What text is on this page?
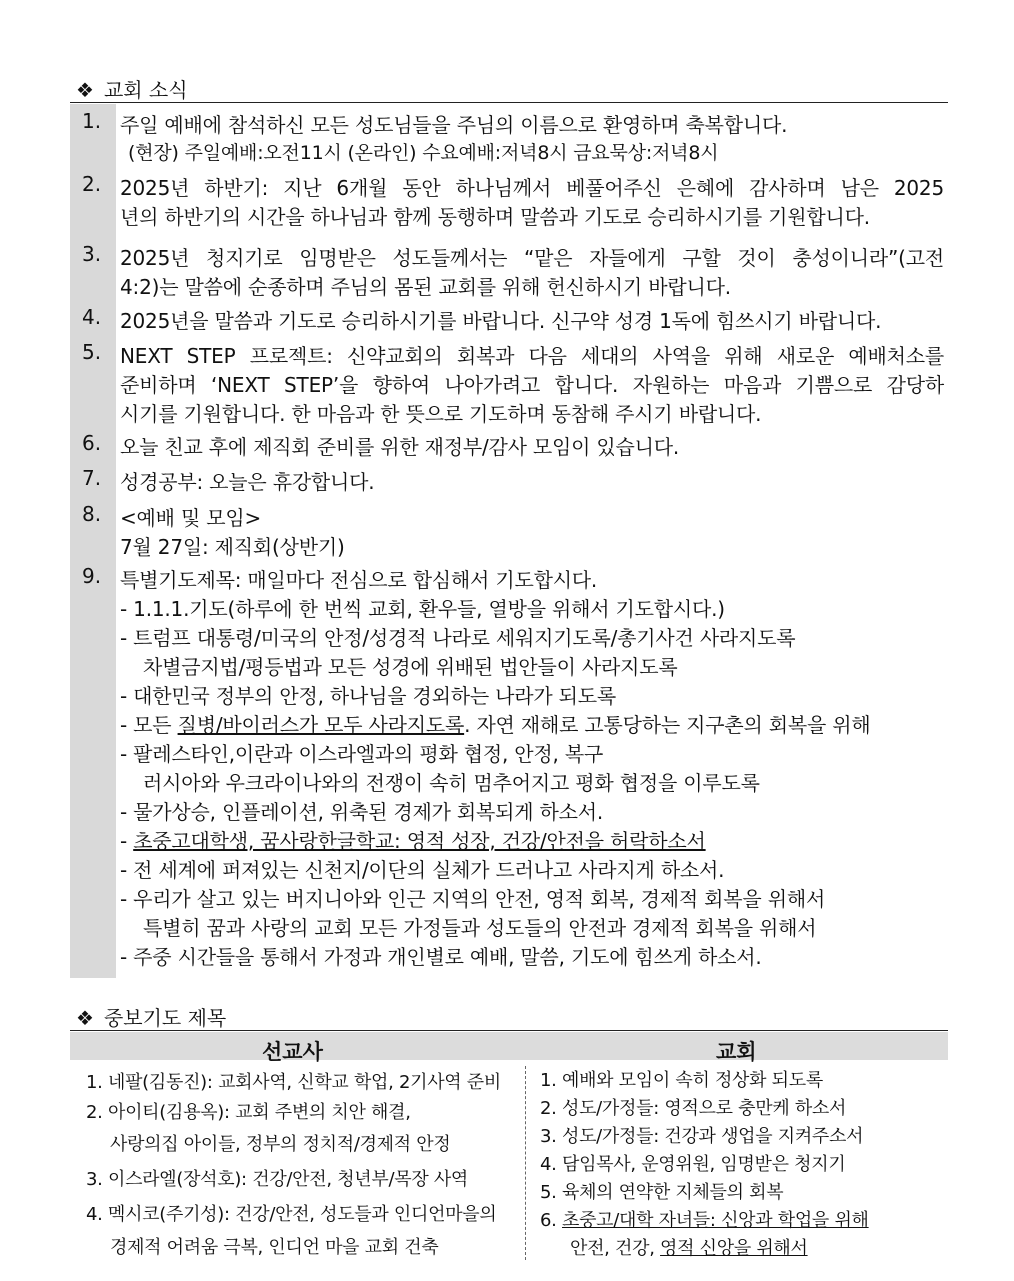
❖ 교회 소식
1.
2.
3.
4.
5.
6.
7.
8.
9.
주일 예배에 참석하신 모든 성도님들을 주님의 이름으로 환영하며 축복합니다.
(현장) 주일예배:오전11시 (온라인) 수요예배:저녁8시 금요묵상:저녁8시
2025년 하반기: 지난 6개월 동안 하나님께서 베풀어주신 은혜에 감사하며 남은 2025
년의 하반기의 시간을 하나님과 함께 동행하며 말씀과 기도로 승리하시기를 기원합니다.
2025년 청지기로 임명받은 성도들께서는 “맡은 자들에게 구할 것이 충성이니라”(고전
4:2)는 말씀에 순종하며 주님의 몸된 교회를 위해 헌신하시기 바랍니다.
2025년을 말씀과 기도로 승리하시기를 바랍니다. 신구약 성경 1독에 힘쓰시기 바랍니다.
NEXT STEP 프로젝트: 신약교회의 회복과 다음 세대의 사역을 위해 새로운 예배처소를
준비하며 ‘NEXT STEP’을 향하여 나아가려고 합니다. 자원하는 마음과 기쁨으로 감당하
시기를 기원합니다. 한 마음과 한 뜻으로 기도하며 동참해 주시기 바랍니다.
오늘 친교 후에 제직회 준비를 위한 재정부/감사 모임이 있습니다.
성경공부: 오늘은 휴강합니다.
<예배 및 모임>
7월 27일: 제직회(상반기)
특별기도제목: 매일마다 전심으로 합심해서 기도합시다.
- 1.1.1.기도(하루에 한 번씩 교회, 환우들, 열방을 위해서 기도합시다.)
- 트럼프 대통령/미국의 안정/성경적 나라로 세워지기도록/총기사건 사라지도록
차별금지법/평등법과 모든 성경에 위배된 법안들이 사라지도록
- 대한민국 정부의 안정, 하나님을 경외하는 나라가 되도록
- 모든 질병/바이러스가 모두 사라지도록. 자연 재해로 고통당하는 지구촌의 회복을 위해
- 팔레스타인,이란과 이스라엘과의 평화 협정, 안정, 복구
러시아와 우크라이나와의 전쟁이 속히 멈추어지고 평화 협정을 이루도록
- 물가상승, 인플레이션, 위축된 경제가 회복되게 하소서.
- 초중고대학생, 꿈사랑한글학교: 영적 성장, 건강/안전을 허락하소서
- 전 세계에 퍼져있는 신천지/이단의 실체가 드러나고 사라지게 하소서.
- 우리가 살고 있는 버지니아와 인근 지역의 안전, 영적 회복, 경제적 회복을 위해서
특별히 꿈과 사랑의 교회 모든 가정들과 성도들의 안전과 경제적 회복을 위해서
- 주중 시간들을 통해서 가정과 개인별로 예배, 말씀, 기도에 힘쓰게 하소서.
❖ 중보기도 제목
선교사	교회
1. 네팔(김동진): 교회사역, 신학교 학업, 2기사역 준비
2. 아이티(김용옥): 교회 주변의 치안 해결,
사랑의집 아이들, 정부의 정치적/경제적 안정
3. 이스라엘(장석호): 건강/안전, 청년부/목장 사역
4. 멕시코(주기성): 건강/안전, 성도들과 인디언마을의
경제적 어려움 극복, 인디언 마을 교회 건축
1. 예배와 모임이 속히 정상화 되도록
2. 성도/가정들: 영적으로 충만케 하소서
3. 성도/가정들: 건강과 생업을 지켜주소서
4. 담임목사, 운영위원, 임명받은 청지기
5. 육체의 연약한 지체들의 회복
6. 초중고/대학 자녀들: 신앙과 학업을 위해
안전, 건강, 영적 신앙을 위해서
